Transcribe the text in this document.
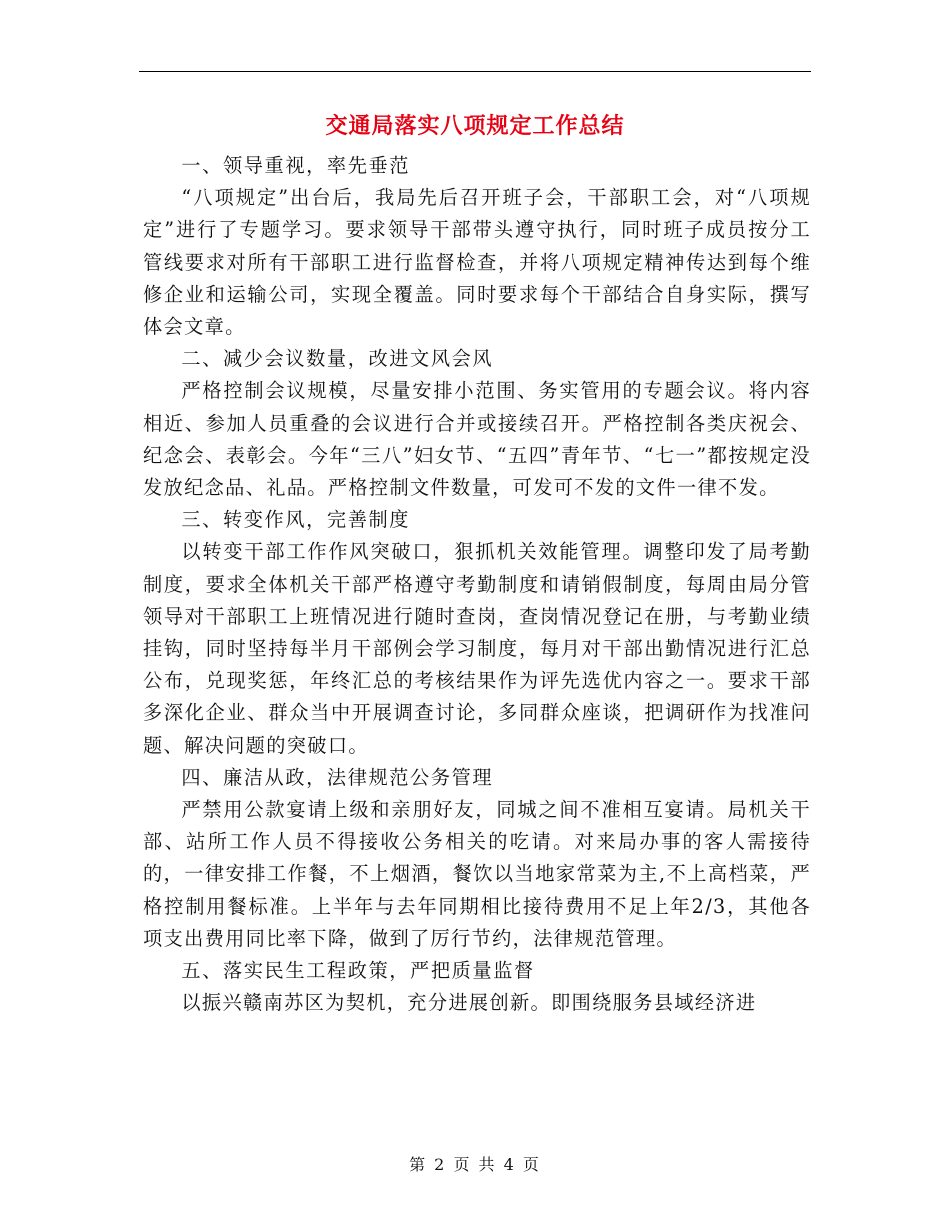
交通局落实八项规定工作总结

一、领导重视，率先垂范

“八项规定”出台后，我局先后召开班子会，干部职工会，对“八项规定”进行了专题学习。要求领导干部带头遵守执行，同时班子成员按分工管线要求对所有干部职工进行监督检查，并将八项规定精神传达到每个维修企业和运输公司，实现全覆盖。同时要求每个干部结合自身实际，撰写体会文章。

二、减少会议数量，改进文风会风

严格控制会议规模，尽量安排小范围、务实管用的专题会议。将内容相近、参加人员重叠的会议进行合并或接续召开。严格控制各类庆祝会、纪念会、表彰会。今年“三八”妇女节、“五四”青年节、“七一”都按规定没发放纪念品、礼品。严格控制文件数量，可发可不发的文件一律不发。

三、转变作风，完善制度

以转变干部工作作风突破口，狠抓机关效能管理。调整印发了局考勤制度，要求全体机关干部严格遵守考勤制度和请销假制度，每周由局分管领导对干部职工上班情况进行随时查岗，查岗情况登记在册，与考勤业绩挂钩，同时坚持每半月干部例会学习制度，每月对干部出勤情况进行汇总公布，兑现奖惩，年终汇总的考核结果作为评先选优内容之一。要求干部多深化企业、群众当中开展调查讨论，多同群众座谈，把调研作为找准问题、解决问题的突破口。

四、廉洁从政，法律规范公务管理

严禁用公款宴请上级和亲朋好友，同城之间不准相互宴请。局机关干部、站所工作人员不得接收公务相关的吃请。对来局办事的客人需接待的，一律安排工作餐，不上烟酒，餐饮以当地家常菜为主,不上高档菜，严格控制用餐标准。上半年与去年同期相比接待费用不足上年2/3，其他各项支出费用同比率下降，做到了厉行节约，法律规范管理。

五、落实民生工程政策，严把质量监督

以振兴赣南苏区为契机，充分进展创新。即围绕服务县域经济进

第 2 页 共 4 页
